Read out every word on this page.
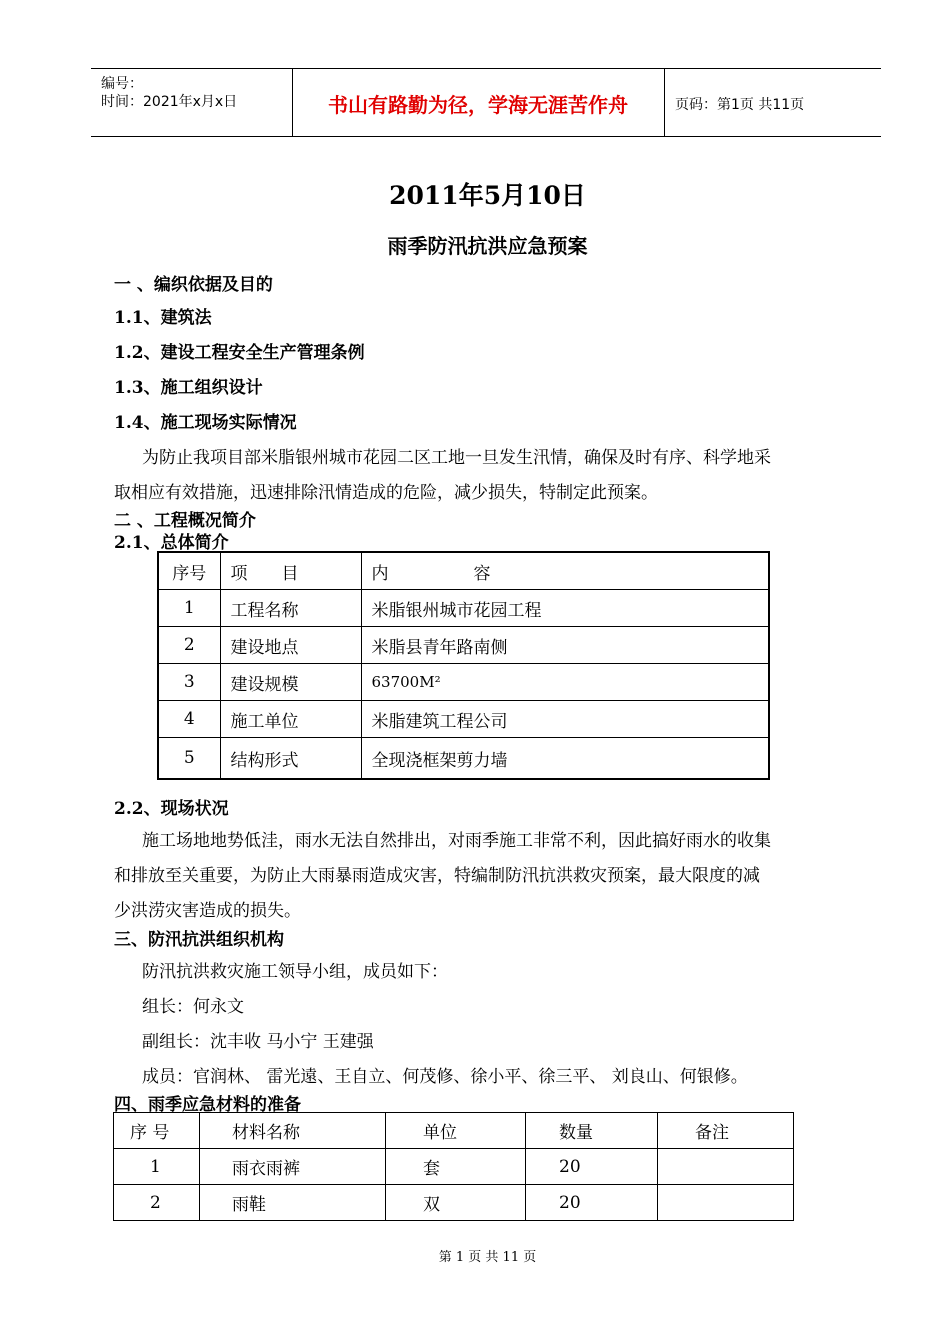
编号：
时间：2021年x月x日	书山有路勤为径，学海无涯苦作舟	页码：第1页 共11页
2011年5月10日
雨季防汛抗洪应急预案
一 、编织依据及目的
1.1、建筑法
1.2、建设工程安全生产管理条例
1.3、施工组织设计
1.4、施工现场实际情况
为防止我项目部米脂银州城市花园二区工地一旦发生汛情，确保及时有序、科学地采
取相应有效措施，迅速排除汛情造成的危险，减少损失，特制定此预案。
二 、工程概况简介
2.1、总体简介
序号	项　　目	内　　　　　容
1	工程名称	米脂银州城市花园工程
2	建设地点	米脂县青年路南侧
3	建设规模	63700M²
4	施工单位	米脂建筑工程公司
5	结构形式	全现浇框架剪力墙
2.2、现场状况
施工场地地势低洼，雨水无法自然排出，对雨季施工非常不利，因此搞好雨水的收集
和排放至关重要，为防止大雨暴雨造成灾害，特编制防汛抗洪救灾预案，最大限度的减
少洪涝灾害造成的损失。
三、防汛抗洪组织机构
防汛抗洪救灾施工领导小组，成员如下：
组长：何永文
副组长：沈丰收 马小宁 王建强
成员：官润林、 雷光遠、王自立、何茂修、徐小平、徐三平、 刘良山、何银修。
四、雨季应急材料的准备
序 号	材料名称	单位	数量	备注
1	雨衣雨裤	套	20	
2	雨鞋	双	20	
第 1 页 共 11 页
